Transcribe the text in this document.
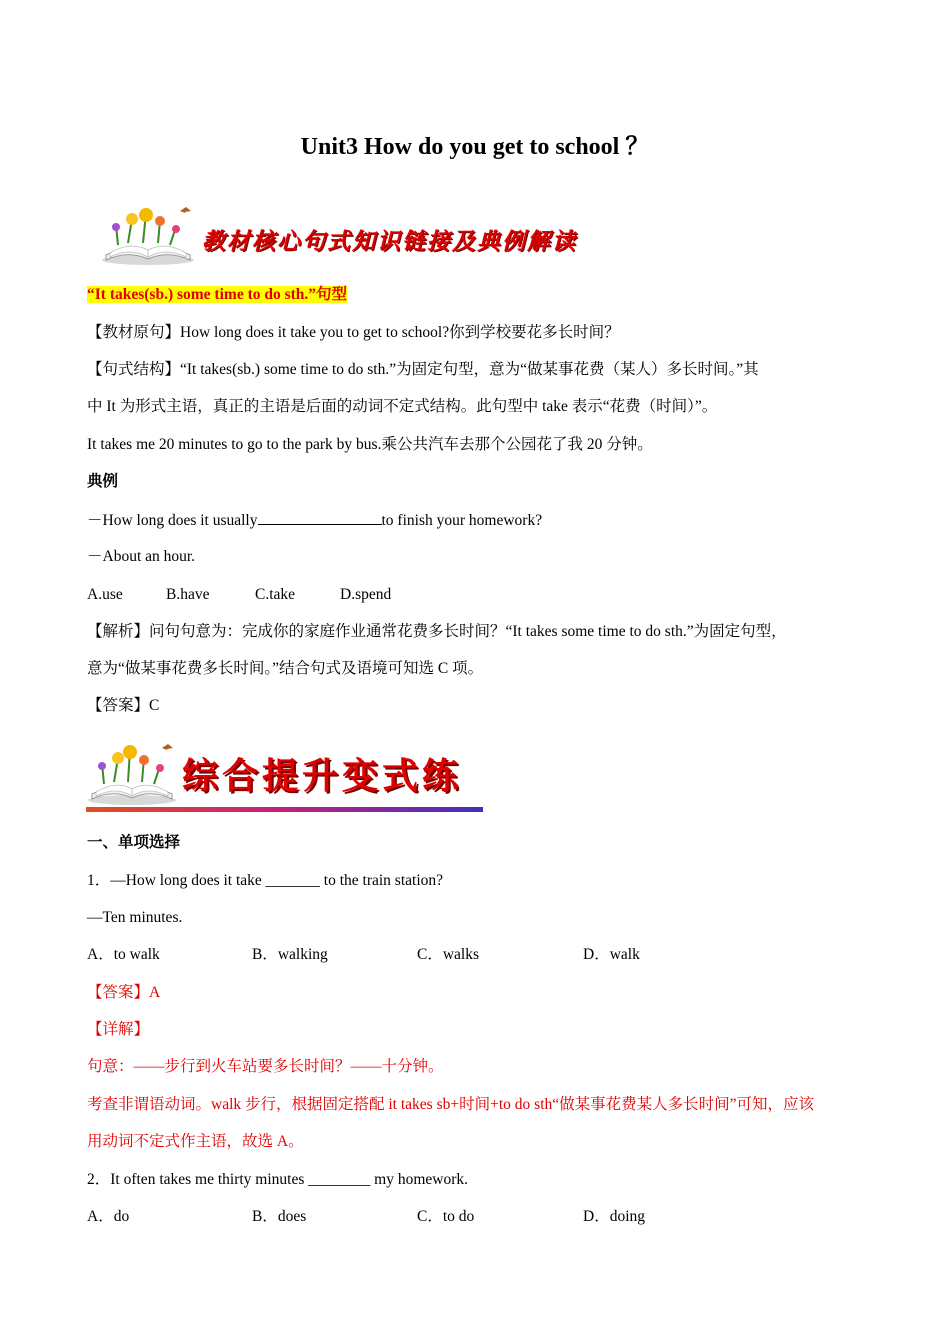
Unit3 How do you get to school ？
教材核心句式知识链接及典例解读
“It takes(sb.) some time to do sth.”句型
【教材原句】How long does it take you to get to school?你到学校要花多长时间？
【句式结构】“It takes(sb.) some time to do sth.”为固定句型，意为“做某事花费（某人）多长时间。”其
中 It 为形式主语，真正的主语是后面的动词不定式结构。此句型中 take 表示“花费（时间）”。
It takes me 20 minutes to go to the park by bus.乘公共汽车去那个公园花了我 20 分钟。
典例
－How long does it usually	to finish your homework?
－About an hour.
A.use	B.have	C.take	D.spend
【解析】问句句意为：完成你的家庭作业通常花费多长时间？“It takes some time to do sth.”为固定句型，
意为“做某事花费多长时间。”结合句式及语境可知选 C 项。
【答案】C
综合提升变式练
一、单项选择
1．—How long does it take _______ to the train station?
—Ten minutes.
A．to walk	B．walking	C．walks	D．walk
【答案】A
【详解】
句意：——步行到火车站要多长时间？——十分钟。
考查非谓语动词。walk 步行，根据固定搭配 it takes sb+时间+to do sth“做某事花费某人多长时间”可知，应该
用动词不定式作主语，故选 A。
2．It often takes me thirty minutes ________ my homework.
A．do	B．does	C．to do	D．doing
